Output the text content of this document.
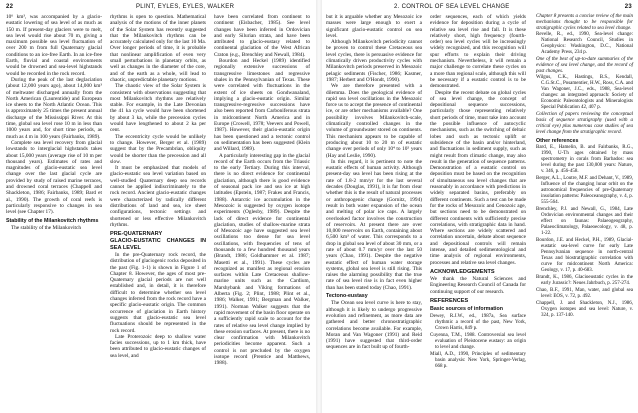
22	PLINT, EYLES, EYLES, WALKER

10⁶ km³, was accompanied by a glacio-eustatic lowering of sea level of as much as 150 m. If present-day glaciers were to melt, sea level would rise about 70 m, giving a maximum possible sea level fluctuation of over 200 m from full Quaternary glacial conditions to an ice-free Earth. In an ice-free Earth, fluvial and coastal environments would be drowned and sea-level highstands would be recorded in the rock record.

During the peak of the last deglaciation (about 12,000 years ago), about 14,000 km³ of meltwater discharged annually from the North American (Laurentide) and European ice sheets to the North Atlantic Ocean. This is approximately 25 times the present annual discharge of the Mississippi River. At this time, global sea level rose 10 m in less than 1000 years and, for short time periods, as much as 4 m in 100 years (Fairbanks, 1989).

Complete sea level recovery from glacial lowstands to interglacial highstands takes about 15,000 years (average rise of 10 m per thousand years). Estimates of rates and magnitudes of glacio-eustatic sea level change over the last glacial cycle are provided by study of raised marine terraces, and drowned coral terraces (Chappell and Shackleton, 1986; Fairbanks, 1989; Bard et al., 1990). The growth of coral reefs is particularly responsive to changes in sea level (see Chapter 17).

Stability of the Milankovitch rhythms

The stability of the Milankovitch

rhythms is open to question. Mathematical analysis of the motions of the inner planets of the Solar System has recently suggested that the Milankovitch rhythms can be accurately calculated only for the last 10 Ma. Over longer periods of time, it is probable that nonlinear amplification of even very small perturbations in planetary orbits, as well as changes in the diameter of the core, and of the earth as a whole, will lead to chaotic, unpredictable planetary motions.

The chaotic view of the Solar System is consistent with observations suggesting that most Milankovitch rhythms are relatively stable. For example, in the Late Devonian the 41 ka cycle would have been shortened by about 3 ka, while the precession cycles would have lengthened to about 2 ka per cent.

The eccentricity cycle would be unlikely to change. However, Berger et al. (1989) suggest that by the Precambrian, obliquity would be shorter than the precession and all slow.

It must be emphasized that models of glacio-eustatic sea level variation based on well-studied Quaternary deep sea records cannot be applied indiscriminately to the rock record. Ancient glacio-eustatic changes were characterized by radically different distributions of land and sea, ice sheet configurations, tectonic settings and shortened or less effective Milankovitch rhythms.

PRE-QUATERNARY
GLACIO-EUSTATIC CHANGES IN SEA LEVEL

In the pre-Quaternary rock record, the distribution of glaciogenic rocks deposited in the past (Fig. 1-1) is shown in Figure 1 of Chapter 8. However, the ages of most pre-Quaternary glacial periods are not well established and, in detail, it is therefore difficult to determine whether sea level changes inferred from the rock record have a specific glacio-eustatic origin. The common occurrence of glaciation in Earth history suggests that glacio-eustatic sea level fluctuations should be represented in the rock record.

Late Proterozoic deep to shallow water facies successions, up to 1 km thick, have been attributed to glacio-eustatic changes of sea level, and

have been correlated from continent to continent (Eisbacher, 1985). See level changes have been inferred in Ordovician and early Silurian strata, and have been attributed to glacio-eustasy related to continental glaciation of the West African Craton (e.g., Brenchley and Newall, 1984).

Bourdon and Heckel (1989) identified regionally extensive successions of transgressive limestones and regressive shales in the Pennsylvanian of Texas. These were correlated with fluctuations in the extent of ice sheets on Gondwanaland, implying a glacio-eustatic origin. Similar transgressive-regressive successions have also been reported from Carboniferous strata in midcontinent North America and in Europe (Crowell, 1978; Veevers and Powell, 1987). However, their glacio-eustatic origin has been questioned and a tectonic control on sedimentation has been suggested (Klein and Willard, 1989).

A particularly interesting gap in the glacial record of the Earth occurs from the Triassic to the early Tertiary. During this interval, there is no direct evidence for continental glaciation, although there is good evidence of seasonal pack ice and sea ice at high latitudes (Epstein, 1987; Frakes and Francis, 1988). Antarctic ice accumulation in the Mesozoic is suggested by oxygen isotope experiments (Oglesby, 1989). Despite the lack of direct evidence for continental glaciation, studies of shallow-marine strata of Mesozoic age have suggested sea level oscillations too dense for sea level oscillations, with frequencies of tens of thousands to a few hundred thousand years (Brandt, 1986; Goldhammer et al. 1987; Masetti et al., 1991). These cycles are recognized as manifest as regional erosion surfaces within Late Cretaceous shallow-marine units such as the Cardium, Marshybank and Viking formations of Alberta (Fig. 2; Plint, 1988; Plint et al., 1986; Walker, 1991; Bergman and Walker, 1991). Norman Walker suggests that the rapid movement of the basin floor operate on a sufficiently rapid scale to account for the rates of relative sea level change implied by these erosion surfaces. At present, there is no clear confirmation with Milankovitch periodicities become apparent. Such a control is not precluded by the oxygen isotope record (Prentice and Matthews, 1988).

2. CONTROL OF SEA LEVEL CHANGE	23

but it is arguable whether any Mesozoic ice masses were large enough to exert a significant glacio-eustatic control on sea level.

Although Milankovitch periodicity cannot be proven to control these Cretaceous sea level cycles, there is persuasive evidence for climatically driven productivity cycles with Milankovitch periods preserved in Mesozoic pelagic sediments (Fischer, 1986; Kasmer, 1987; Herbert and O'Hondt, 1990).

We are therefore presented with a dilemma. Does the geological evidence of rapid sea level oscillations in the Mesozoic force us to accept the presence of continental ice, or are other mechanisms available? One possibility involves Milankovitch-scale, climatically controlled changes in the volume of groundwater stored on continents. This mechanism appears to be capable of producing about 10 to 20 m of eustatic change over periods of only 10⁴ to 10⁵ years (Hay and Leslie, 1990).

In this regard, it is pertinent to note the eustatic effects of human activity. Although present-day sea level has been rising at the rate of 1.8-2 mm/yr for the last several decades (Douglas, 1991), it is far from clear whether this is the result of natural processes or anthropogenic change (Gornitz, 1994) result in both water expansion of the ocean and melting of polar ice caps. A largely overlooked factor involves the construction of reservoirs. At present there are over 10,000 reservoirs on Earth, containing about 6,500 km³ of water. This corresponds to a drop in global sea level of about 30 mm, or a rate of about 0.7 mm/yr over the last 50 years (Chao, 1991). Despite the negative eustatic effect of human water storage systems, global sea level is still rising. This raises the alarming possibility that the true rate of sea level rise is in fact even higher than has been stated today (Chao, 1991).

Tectono-eustasy

The Ocean sea level curve is here to stay, although it is likely to undergo progressive evolution and refinement, as more data are gathered and better chronostratigraphic correlations become available. For example, Moran and Van Wagoner (1991) and Reid (1991) have suggested that third-order sequences are in fact built up of fourth-

order sequences, each of which yields evidence for deposition during a cycle of relative sea level rise and fall. It is these relatively short, high frequency (fourth-order) sea level cycles will be increasingly widely recognized, and this recognition will spur efforts to explain their driving mechanism. Nevertheless, it will remain a major challenge to correlate these cycles on a more than regional scale, although this will be necessary if a eustatic control is to be demonstrated.

Despite the recent debate on global cycles of sea level change, the concept of depositional sequence successions, particularly those representing relatively short periods of time, must take into account the possible influence of autocyclic mechanisms, such as the switching of deltaic lobes and such as tectonic uplift or subsidence of the basin and/or hinterland, and fluctuations in sediment supply, such as might result from climatic change, may also result in the generation of sequence patterns. Demonstration of a eustatic control on deposition must be based on the recognition of simultaneous sea level changes that are reasonably in accordance with predictions in widely separated basins, preferably on different continents. Such a test can be made for the rocks of Mesozoic and Cenozoic age, but sections need to be demonstrated on different continents with sufficiently precise correlations, with stratigraphic data in hand. Where sections are widely scattered and correlation uncertain, debate about sequence and depositional controls will remain intense, and detailed sedimentological and time analysis of regional environments, processes and relative sea level changes.

ACKNOWLEDGEMENTS

We thank the Natural Sciences and Engineering Research Council of Canada for continuing support of our research.

REFERENCES
Basic sources of information

Dewey, R.J.W., ed., 1987a, Sea surface rhythmic a record of the past, New York, Crown Harris, 849 p.

Cuyenna, T.M., 1988. Controversial sea level evaluation of Pleistocene eustasy: an origin to level and change.

Miall, A.D., 1990, Principles of sedimentary basin analysis: New York, Springer-Verlag, 668 p.

Chapter 8 presents a concise review of the main mechanisms thought to be responsible for stratigraphic cycles related to sea level change.

Revelle, R., ed., 1990, Sea-level change: National Research Council, Studies in Geophysics: Washington, D.C., National Academy Press, 234 p.

One of the best of up-to-date summaries of the evidence of sea level change, and the record of past changes.

Wilgus, C.K., Hastings, B.S., Kendall, C.G.St.C., Posamentier, H.W., Ross, C.A. and Van Wagoner, J.C., eds., 1988, Sea-level changes: an integrated approach: Society of Economic Paleontologists and Mineralogists Special Publication 42, 407 p.

Collection of papers reviewing the conceptual basis of sequence stratigraphy (used with a critical eye) plus numerous case studies of sea level change from the stratigraphic record.

Other references

Bard, E., Hamelin, B. and Fairbanks, R.G., 1990, U-Th ages obtained by mass spectrometry in corals from Barbados: sea level during the past 130,000 years: Nature, v. 346, p. 456-458.

Berger, A.L., Loutre, M.F. and Dehant, V., 1989, Influence of the changing lunar orbit on the astronomical frequencies of pre-Quaternary insolation patterns: Paleoceanography, v. 4, p. 555-564.

Brenchley, P.J. and Newall, G., 1984, Late Ordovician environmental changes and their effect on faunas: Palaeogeography, Palaeoclimatology, Palaeoecology, v. 48, p. 1-22.

Bourdon, J.E. and Heckel, P.H., 1989, Glacial-eustatic sea-level curve for early Late Pennsylvanian sequence in north-central Texas and biostratigraphic correlation with curve for midcontinent North America: Geology, v. 17, p. 40-683.

Brandt, K., 1986, Glacioeustatic cycles in the early Jurassic?: Neues Jahrbuch, p. 257-274.

Chao, B.F., 1991, Man, water, and global sea level: EOS, v. 72, p. 492.

Chappell, J. and Shackleton, N.J., 1986, Oxygen isotopes and sea level: Nature, v. 324, p. 137-140.
